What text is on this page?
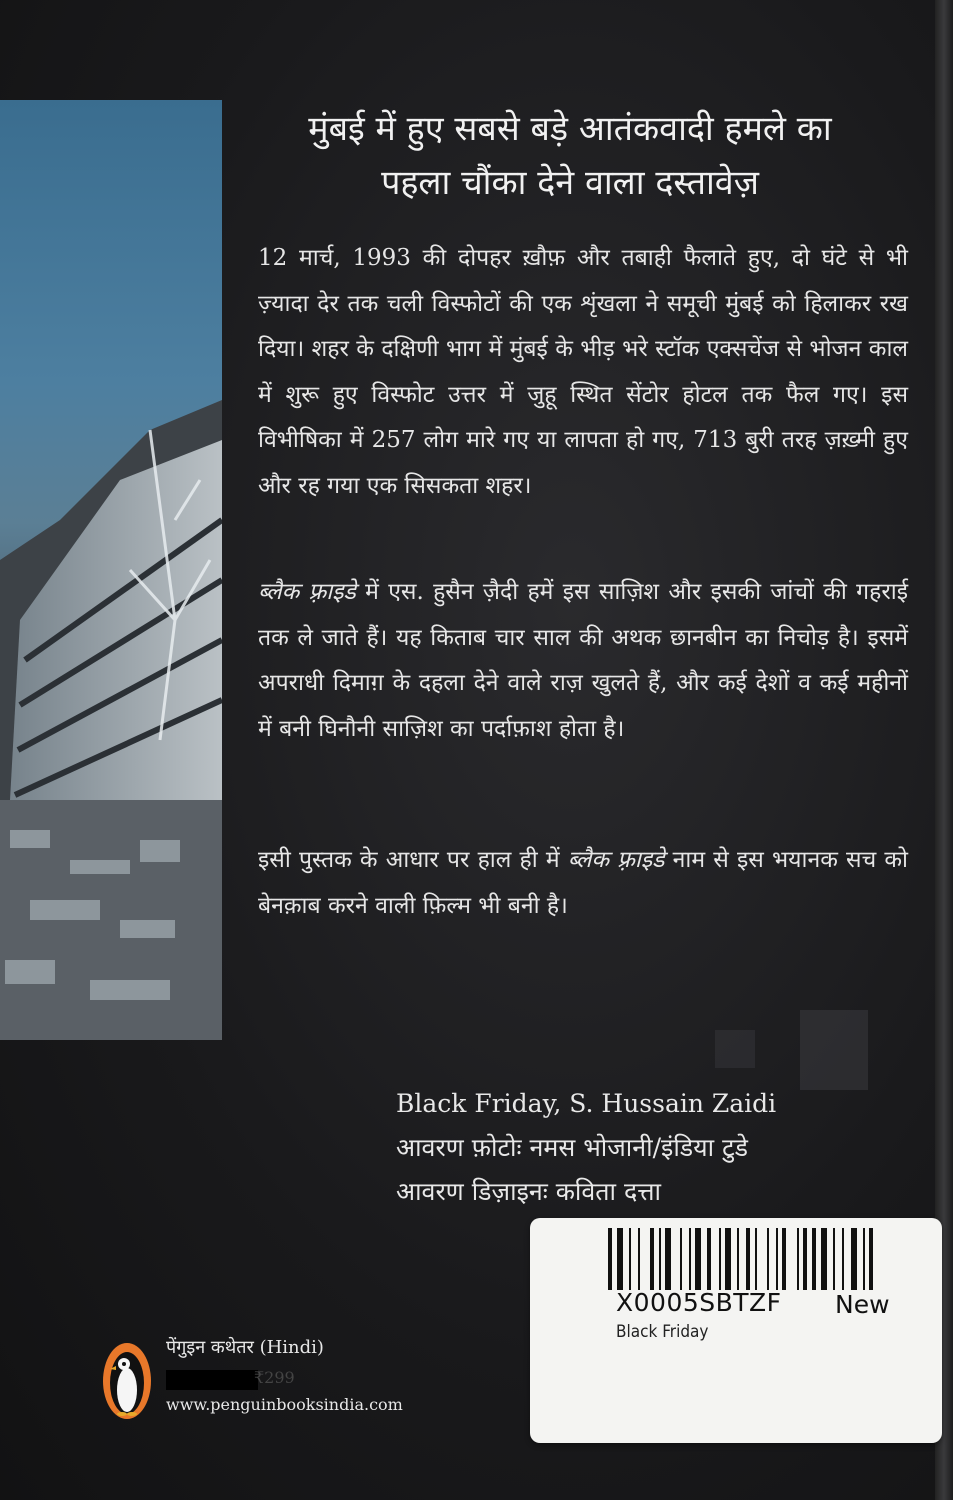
मुंबई में हुए सबसे बड़े आतंकवादी हमले का
पहला चौंका देने वाला दस्तावेज़
12 मार्च, 1993 की दोपहर ख़ौफ़ और तबाही फैलाते हुए, दो घंटे से भी ज़्यादा देर तक चली विस्फोटों की एक शृंखला ने समूची मुंबई को हिलाकर रख दिया। शहर के दक्षिणी भाग में मुंबई के भीड़ भरे स्टॉक एक्सचेंज से भोजन काल में शुरू हुए विस्फोट उत्तर में जुहू स्थित सेंटोर होटल तक फैल गए। इस विभीषिका में 257 लोग मारे गए या लापता हो गए, 713 बुरी तरह ज़ख़्मी हुए और रह गया एक सिसकता शहर।
ब्लैक फ़्राइडे में एस. हुसैन ज़ैदी हमें इस साज़िश और इसकी जांचों की गहराई तक ले जाते हैं। यह किताब चार साल की अथक छानबीन का निचोड़ है। इसमें अपराधी दिमाग़ के दहला देने वाले राज़ खुलते हैं, और कई देशों व कई महीनों में बनी घिनौनी साज़िश का पर्दाफ़ाश होता है।
इसी पुस्तक के आधार पर हाल ही में ब्लैक फ़्राइडे नाम से इस भयानक सच को बेनक़ाब करने वाली फ़िल्म भी बनी है।
Black Friday, S. Hussain Zaidi
आवरण फ़ोटोः नमस भोजानी/इंडिया टुडे
आवरण डिज़ाइनः कविता दत्ता
X0005SBTZF New
Black Friday
पेंगुइन कथेतर (Hindi)
₹299
www.penguinbooksindia.com
